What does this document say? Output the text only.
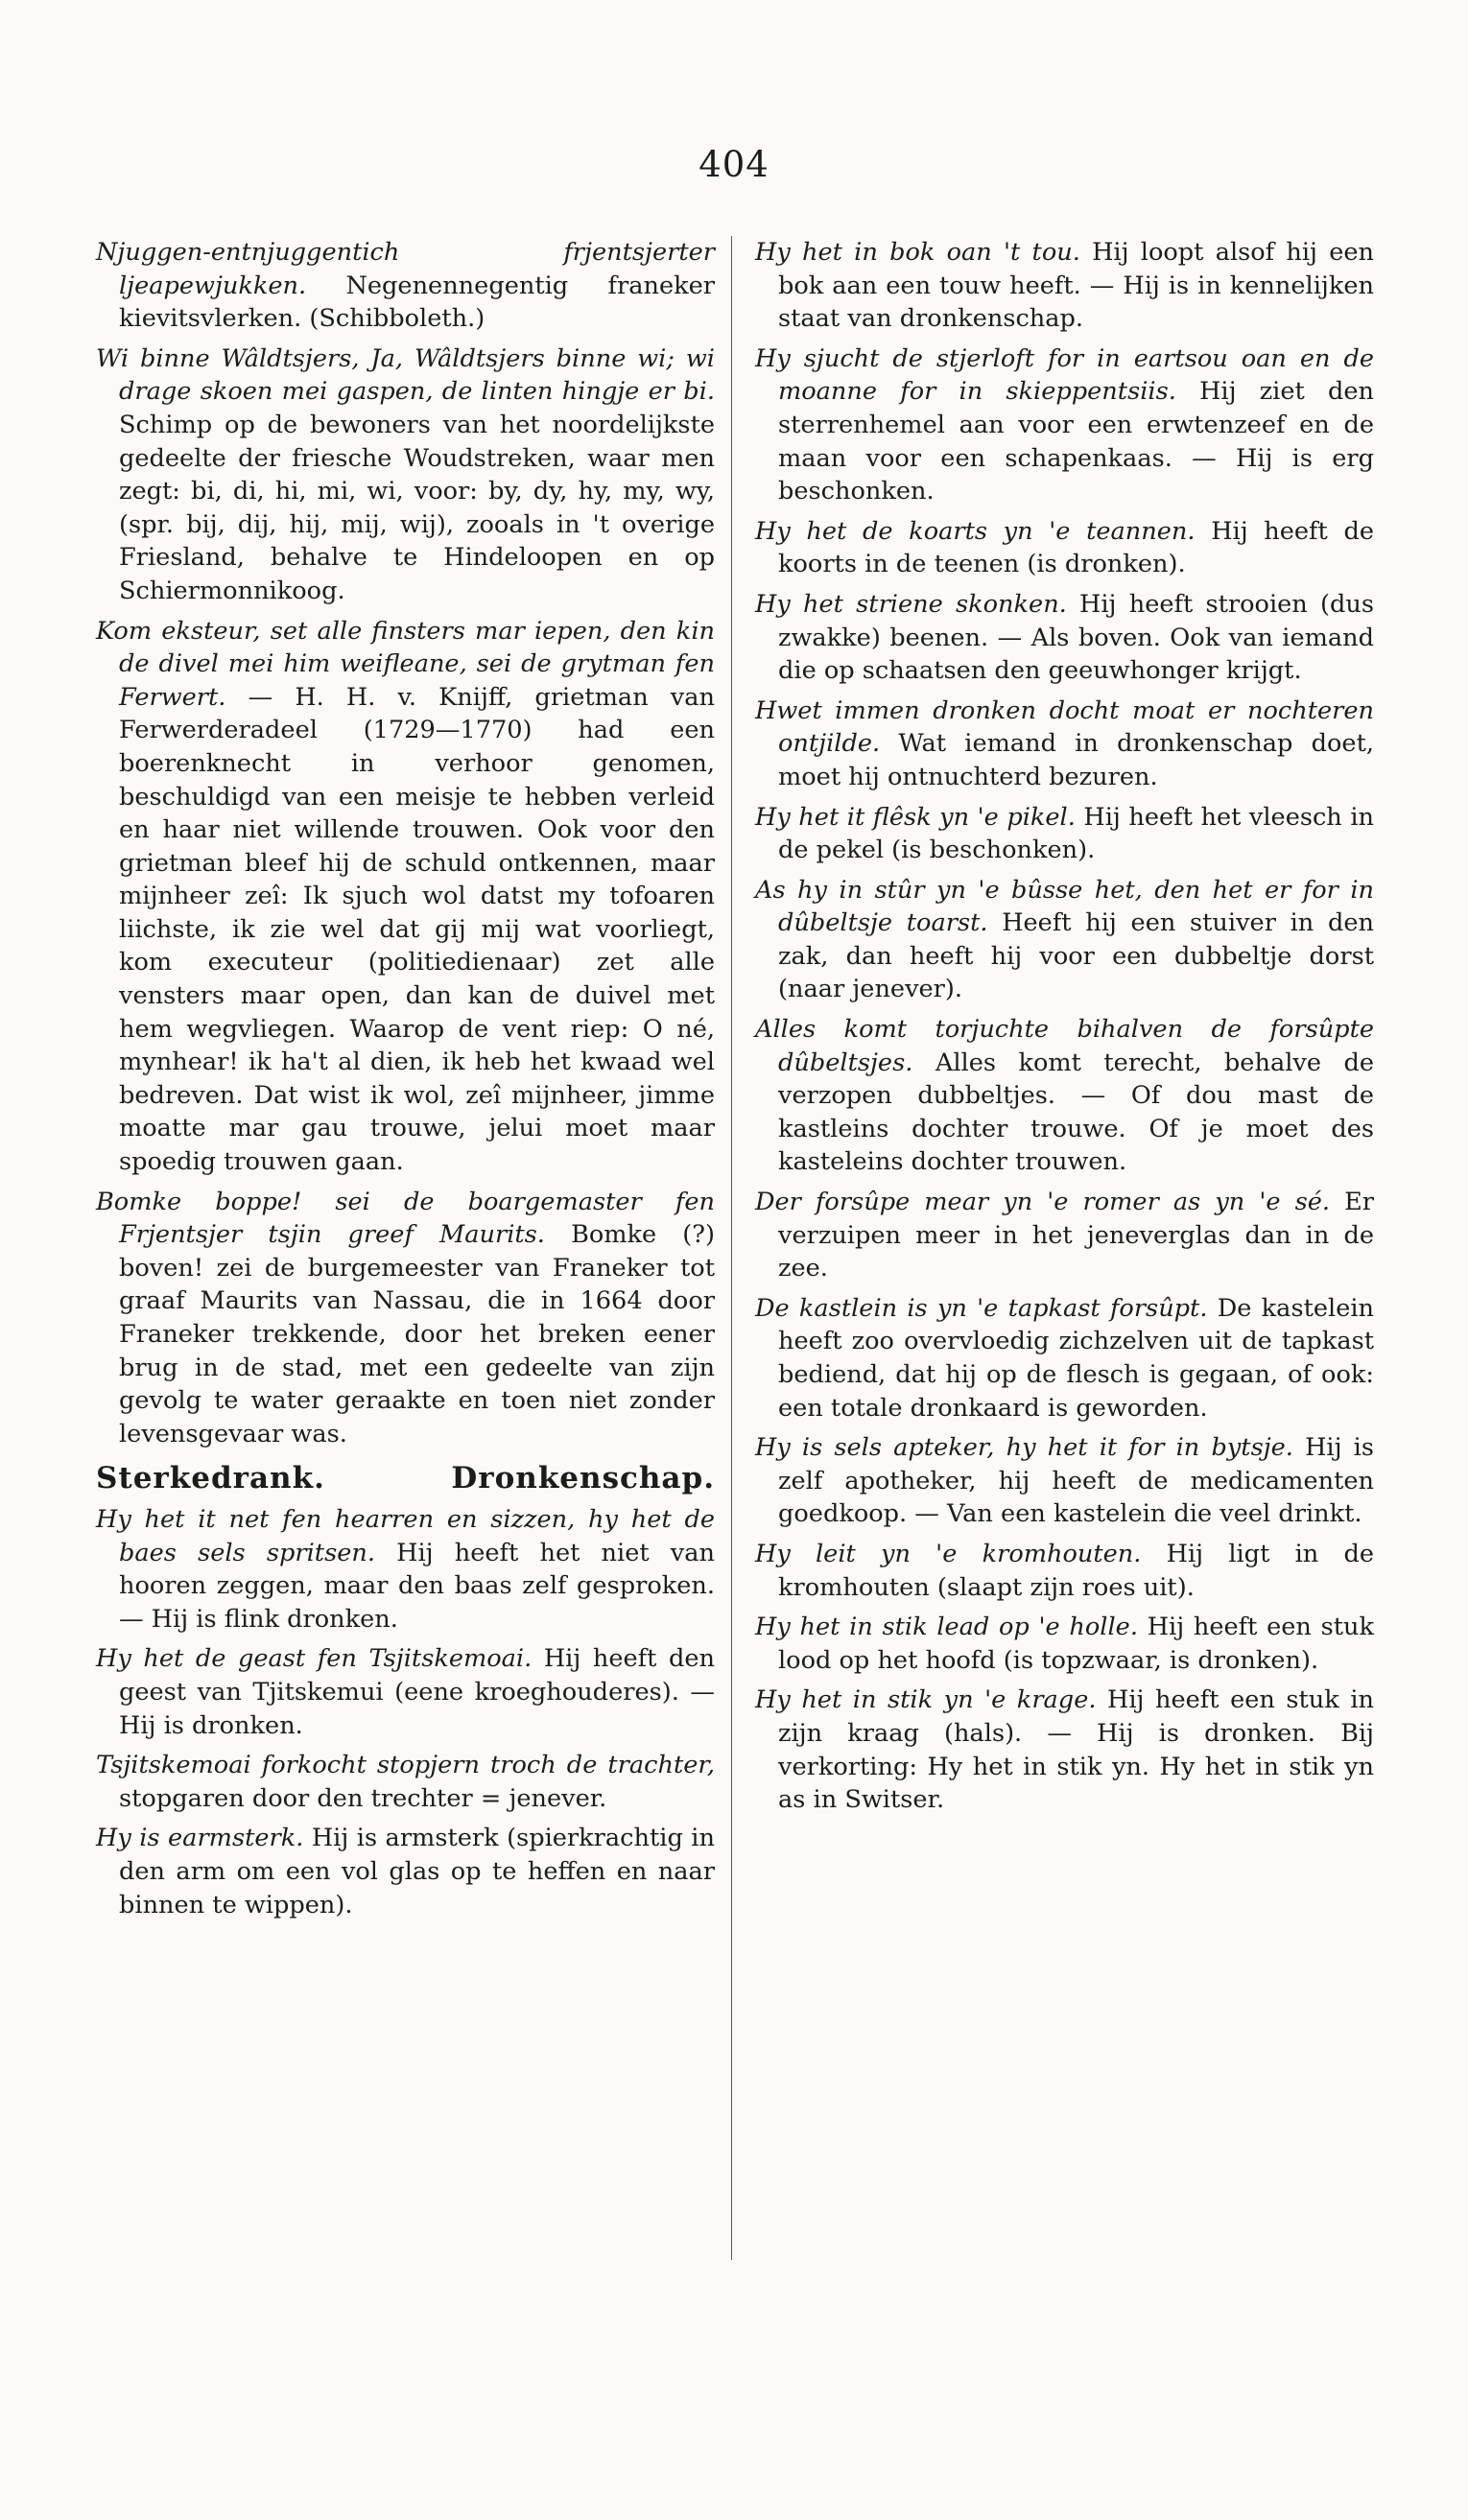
404

Njuggen-entnjuggentich frjentsjerter ljeapewjukken. Negenennegentig franeker kievitsvlerken. (Schibboleth.)

Wi binne Wâldtsjers, Ja, Wâldtsjers binne wi; wi drage skoen mei gaspen, de linten hingje er bi. Schimp op de bewoners van het noordelijkste gedeelte der friesche Woudstreken, waar men zegt: bi, di, hi, mi, wi, voor: by, dy, hy, my, wy, (spr. bij, dij, hij, mij, wij), zooals in 't overige Friesland, behalve te Hindeloopen en op Schiermonnikoog.

Kom eksteur, set alle finsters mar iepen, den kin de divel mei him weifleane, sei de grytman fen Ferwert. — H. H. v. Knijff, grietman van Ferwerderadeel (1729—1770) had een boerenknecht in verhoor genomen, beschuldigd van een meisje te hebben verleid en haar niet willende trouwen. Ook voor den grietman bleef hij de schuld ontkennen, maar mijnheer zeî: Ik sjuch wol datst my tofoaren liichste, ik zie wel dat gij mij wat voorliegt, kom executeur (politiedienaar) zet alle vensters maar open, dan kan de duivel met hem wegvliegen. Waarop de vent riep: O né, mynhear! ik ha't al dien, ik heb het kwaad wel bedreven. Dat wist ik wol, zeî mijnheer, jimme moatte mar gau trouwe, jelui moet maar spoedig trouwen gaan.

Bomke boppe! sei de boargemaster fen Frjentsjer tsjin greef Maurits. Bomke (?) boven! zei de burgemeester van Franeker tot graaf Maurits van Nassau, die in 1664 door Franeker trekkende, door het breken eener brug in de stad, met een gedeelte van zijn gevolg te water geraakte en toen niet zonder levensgevaar was.

Sterkedrank. Dronkenschap.

Hy het it net fen hearren en sizzen, hy het de baes sels spritsen. Hij heeft het niet van hooren zeggen, maar den baas zelf gesproken. — Hij is flink dronken.

Hy het de geast fen Tsjitskemoai. Hij heeft den geest van Tjitskemui (eene kroeghouderes). — Hij is dronken.

Tsjitskemoai forkocht stopjern troch de trachter, stopgaren door den trechter = jenever.

Hy is earmsterk. Hij is armsterk (spierkrachtig in den arm om een vol glas op te heffen en naar binnen te wippen).

Hy het in bok oan 't tou. Hij loopt alsof hij een bok aan een touw heeft. — Hij is in kennelijken staat van dronkenschap.

Hy sjucht de stjerloft for in eartsou oan en de moanne for in skieppentsiis. Hij ziet den sterrenhemel aan voor een erwtenzeef en de maan voor een schapenkaas. — Hij is erg beschonken.

Hy het de koarts yn 'e teannen. Hij heeft de koorts in de teenen (is dronken).

Hy het striene skonken. Hij heeft strooien (dus zwakke) beenen. — Als boven. Ook van iemand die op schaatsen den geeuwhonger krijgt.

Hwet immen dronken docht moat er nochteren ontjilde. Wat iemand in dronkenschap doet, moet hij ontnuchterd bezuren.

Hy het it flêsk yn 'e pikel. Hij heeft het vleesch in de pekel (is beschonken).

As hy in stûr yn 'e bûsse het, den het er for in dûbeltsje toarst. Heeft hij een stuiver in den zak, dan heeft hij voor een dubbeltje dorst (naar jenever).

Alles komt torjuchte bihalven de forsûpte dûbeltsjes. Alles komt terecht, behalve de verzopen dubbeltjes. — Of dou mast de kastleins dochter trouwe. Of je moet des kasteleins dochter trouwen.

Der forsûpe mear yn 'e romer as yn 'e sé. Er verzuipen meer in het jeneverglas dan in de zee.

De kastlein is yn 'e tapkast forsûpt. De kastelein heeft zoo overvloedig zichzelven uit de tapkast bediend, dat hij op de flesch is gegaan, of ook: een totale dronkaard is geworden.

Hy is sels apteker, hy het it for in bytsje. Hij is zelf apotheker, hij heeft de medicamenten goedkoop. — Van een kastelein die veel drinkt.

Hy leit yn 'e kromhouten. Hij ligt in de kromhouten (slaapt zijn roes uit).

Hy het in stik lead op 'e holle. Hij heeft een stuk lood op het hoofd (is topzwaar, is dronken).

Hy het in stik yn 'e krage. Hij heeft een stuk in zijn kraag (hals). — Hij is dronken. Bij verkorting: Hy het in stik yn. Hy het in stik yn as in Switser.
